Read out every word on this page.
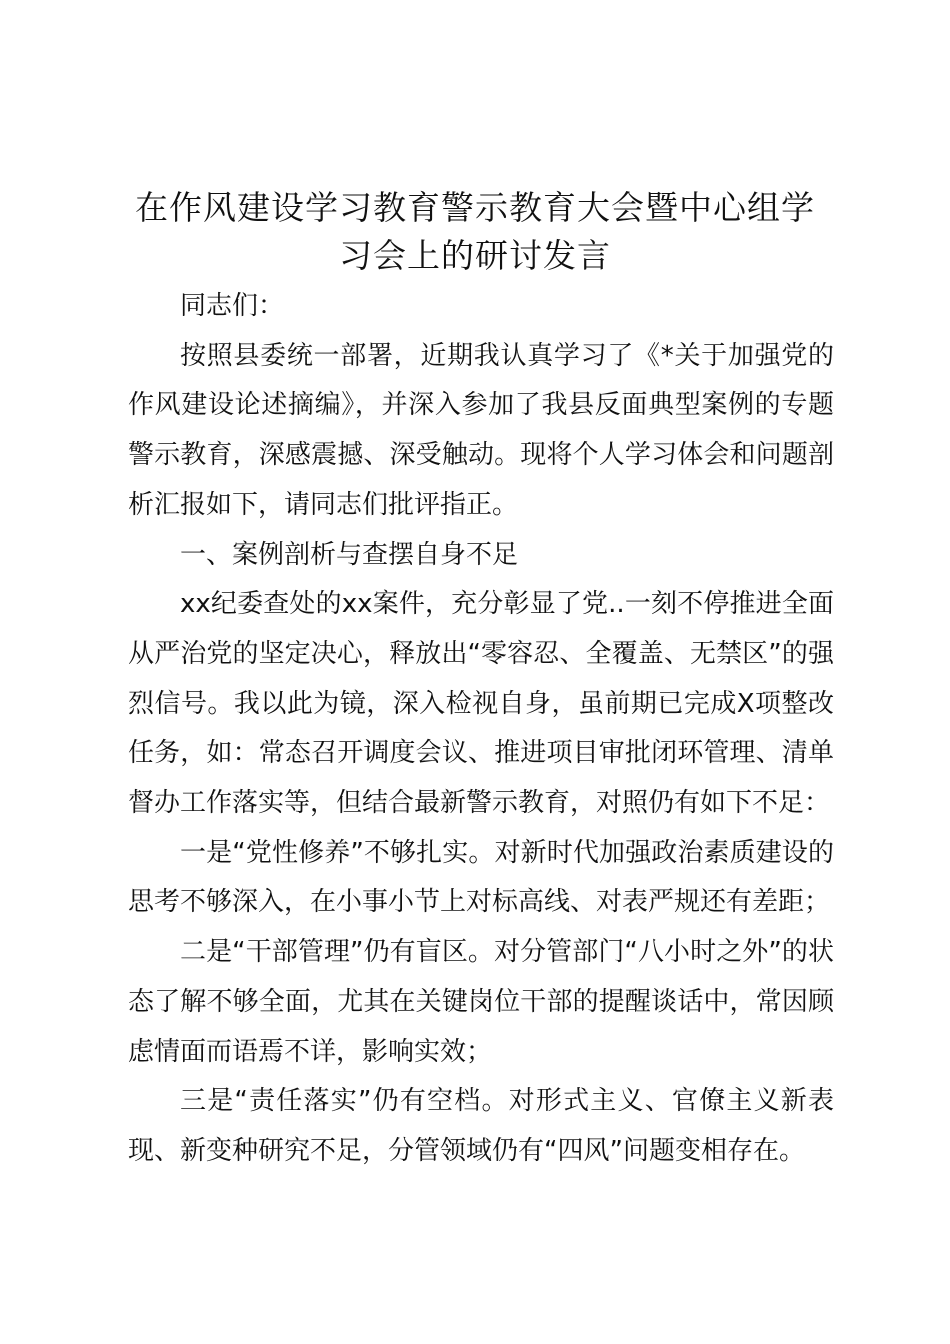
在作风建设学习教育警示教育大会暨中心组学习会上的研讨发言

同志们：

按照县委统一部署，近期我认真学习了《*关于加强党的作风建设论述摘编》，并深入参加了我县反面典型案例的专题警示教育，深感震撼、深受触动。现将个人学习体会和问题剖析汇报如下，请同志们批评指正。

一、案例剖析与查摆自身不足

xx纪委查处的xx案件，充分彰显了党..一刻不停推进全面从严治党的坚定决心，释放出“零容忍、全覆盖、无禁区”的强烈信号。我以此为镜，深入检视自身，虽前期已完成X项整改任务，如：常态召开调度会议、推进项目审批闭环管理、清单督办工作落实等，但结合最新警示教育，对照仍有如下不足：

一是“党性修养”不够扎实。对新时代加强政治素质建设的思考不够深入，在小事小节上对标高线、对表严规还有差距；

二是“干部管理”仍有盲区。对分管部门“八小时之外”的状态了解不够全面，尤其在关键岗位干部的提醒谈话中，常因顾虑情面而语焉不详，影响实效；

三是“责任落实”仍有空档。对形式主义、官僚主义新表现、新变种研究不足，分管领域仍有“四风”问题变相存在。
